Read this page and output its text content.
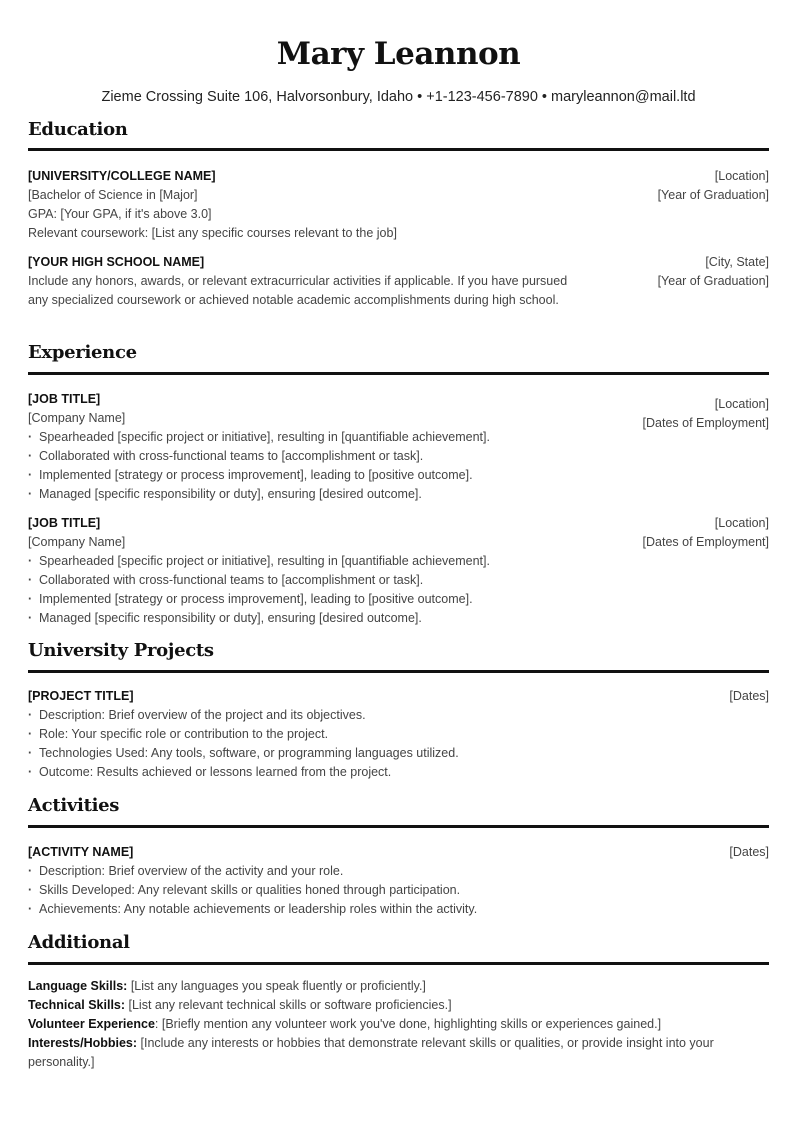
Mary Leannon
Zieme Crossing Suite 106, Halvorsonbury, Idaho • +1-123-456-7890 • maryleannon@mail.ltd
Education
[UNIVERSITY/COLLEGE NAME]
[Bachelor of Science in [Major]
GPA: [Your GPA, if it's above 3.0]
Relevant coursework: [List any specific courses relevant to the job]
[Location]
[Year of Graduation]
[YOUR HIGH SCHOOL NAME]
Include any honors, awards, or relevant extracurricular activities if applicable. If you have pursued any specialized coursework or achieved notable academic accomplishments during high school.
[City, State]
[Year of Graduation]
Experience
[JOB TITLE]
[Company Name]
· Spearheaded [specific project or initiative], resulting in [quantifiable achievement].
· Collaborated with cross-functional teams to [accomplishment or task].
· Implemented [strategy or process improvement], leading to [positive outcome].
· Managed [specific responsibility or duty], ensuring [desired outcome].
[Location]
[Dates of Employment]
[JOB TITLE]
[Company Name]
· Spearheaded [specific project or initiative], resulting in [quantifiable achievement].
· Collaborated with cross-functional teams to [accomplishment or task].
· Implemented [strategy or process improvement], leading to [positive outcome].
· Managed [specific responsibility or duty], ensuring [desired outcome].
[Location]
[Dates of Employment]
University Projects
[PROJECT TITLE]
· Description: Brief overview of the project and its objectives.
· Role: Your specific role or contribution to the project.
· Technologies Used: Any tools, software, or programming languages utilized.
· Outcome: Results achieved or lessons learned from the project.
[Dates]
Activities
[ACTIVITY NAME]
· Description: Brief overview of the activity and your role.
· Skills Developed: Any relevant skills or qualities honed through participation.
· Achievements: Any notable achievements or leadership roles within the activity.
[Dates]
Additional
Language Skills: [List any languages you speak fluently or proficiently.]
Technical Skills: [List any relevant technical skills or software proficiencies.]
Volunteer Experience: [Briefly mention any volunteer work you've done, highlighting skills or experiences gained.]
Interests/Hobbies: [Include any interests or hobbies that demonstrate relevant skills or qualities, or provide insight into your personality.]
